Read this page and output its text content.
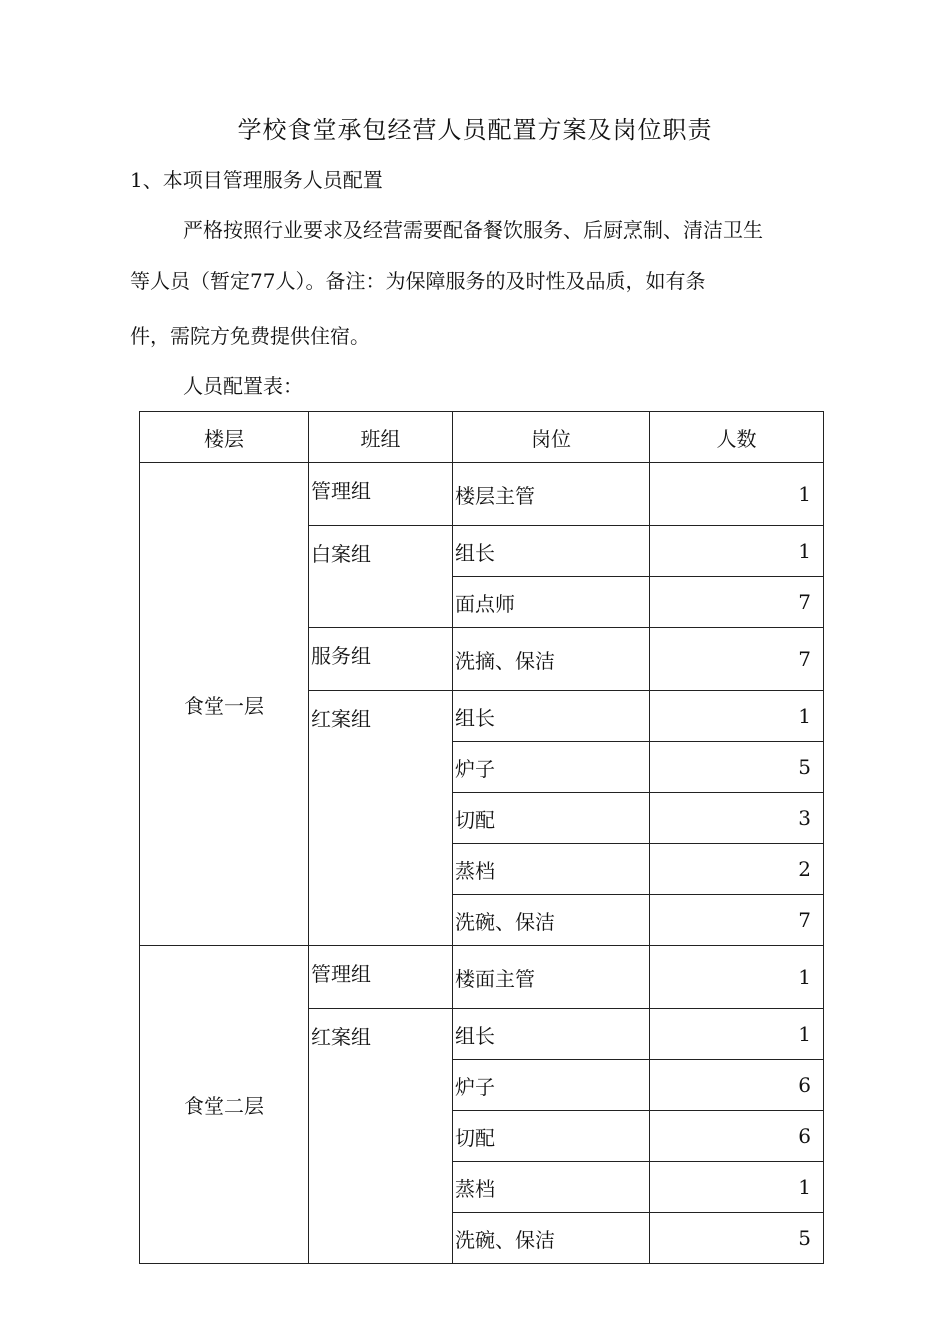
学校食堂承包经营人员配置方案及岗位职责
1、本项目管理服务人员配置

严格按照行业要求及经营需要配备餐饮服务、后厨烹制、清洁卫生

等人员（暂定77人）。备注：为保障服务的及时性及品质，如有条

件，需院方免费提供住宿。

人员配置表：

楼层	班组	岗位	人数
食堂一层	管理组	楼层主管	1
	白案组	组长	1
		面点师	7
	服务组	洗摘、保洁	7
	红案组	组长	1
		炉子	5
		切配	3
		蒸档	2
		洗碗、保洁	7
食堂二层	管理组	楼面主管	1
	红案组	组长	1
		炉子	6
		切配	6
		蒸档	1
		洗碗、保洁	5
